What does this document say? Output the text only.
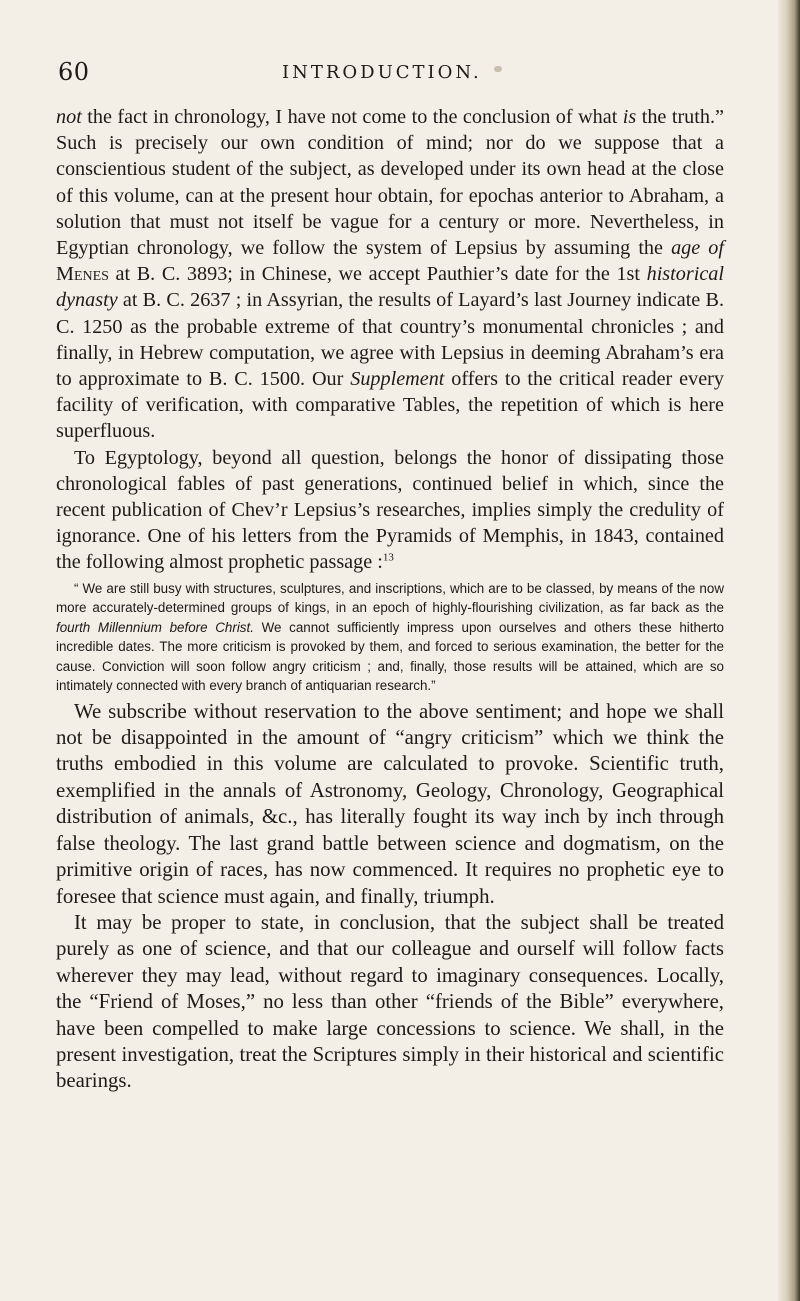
60	INTRODUCTION.

not the fact in chronology, I have not come to the conclusion of what is the truth.” Such is precisely our own condition of mind; nor do we suppose that a conscientious student of the subject, as developed under its own head at the close of this volume, can at the present hour obtain, for epochas anterior to Abraham, a solution that must not itself be vague for a century or more. Nevertheless, in Egyptian chronology, we follow the system of Lepsius by assuming the age of Menes at B. C. 3893; in Chinese, we accept Pauthier’s date for the 1st historical dynasty at B. C. 2637 ; in Assyrian, the results of Layard’s last Journey indicate B. C. 1250 as the probable extreme of that country’s monumental chronicles ; and finally, in Hebrew computation, we agree with Lepsius in deeming Abraham’s era to approximate to B. C. 1500. Our Supplement offers to the critical reader every facility of verification, with comparative Tables, the repetition of which is here superfluous.

To Egyptology, beyond all question, belongs the honor of dissipating those chronological fables of past generations, continued belief in which, since the recent publication of Chev’r Lepsius’s researches, implies simply the credulity of ignorance. One of his letters from the Pyramids of Memphis, in 1843, contained the following almost prophetic passage :$^{13}$

“ We are still busy with structures, sculptures, and inscriptions, which are to be classed, by means of the now more accurately-determined groups of kings, in an epoch of highly-flourishing civilization, as far back as the fourth Millennium before Christ. We cannot sufficiently impress upon ourselves and others these hitherto incredible dates. The more criticism is provoked by them, and forced to serious examination, the better for the cause. Conviction will soon follow angry criticism ; and, finally, those results will be attained, which are so intimately connected with every branch of antiquarian research.”

We subscribe without reservation to the above sentiment; and hope we shall not be disappointed in the amount of “angry criticism” which we think the truths embodied in this volume are calculated to provoke. Scientific truth, exemplified in the annals of Astronomy, Geology, Chronology, Geographical distribution of animals, &c., has literally fought its way inch by inch through false theology. The last grand battle between science and dogmatism, on the primitive origin of races, has now commenced. It requires no prophetic eye to foresee that science must again, and finally, triumph.

It may be proper to state, in conclusion, that the subject shall be treated purely as one of science, and that our colleague and ourself will follow facts wherever they may lead, without regard to imaginary consequences. Locally, the “Friend of Moses,” no less than other “friends of the Bible” everywhere, have been compelled to make large concessions to science. We shall, in the present investigation, treat the Scriptures simply in their historical and scientific bearings.
